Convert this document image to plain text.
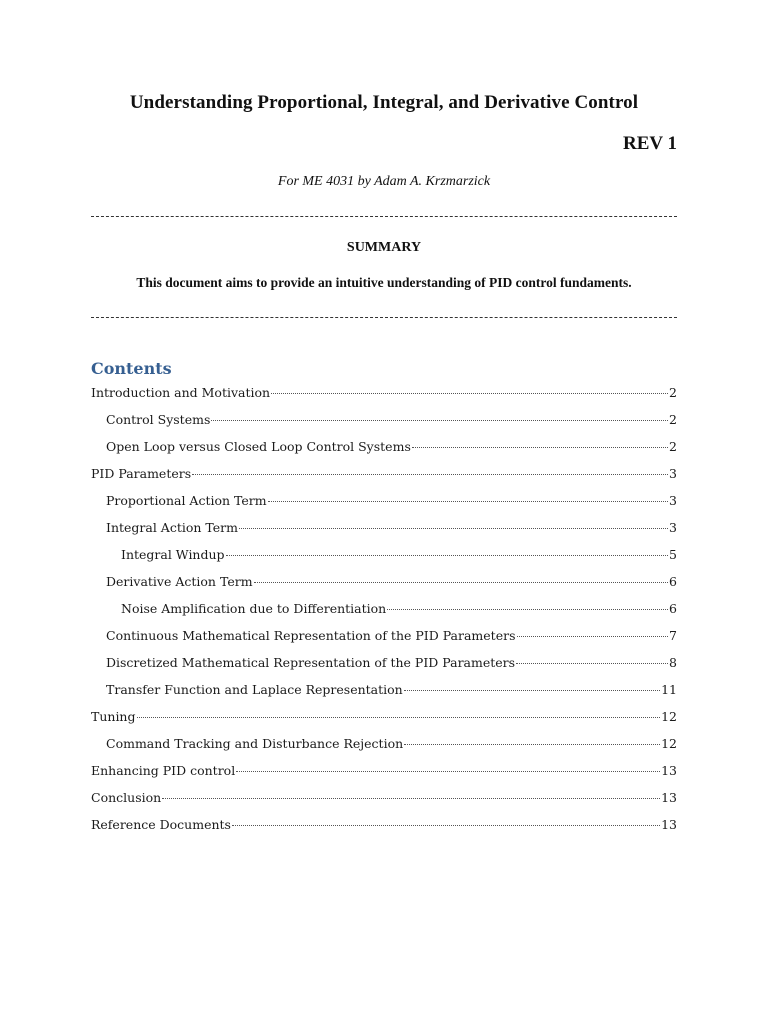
Understanding Proportional, Integral, and Derivative Control
REV 1
For ME 4031 by Adam A. Krzmarzick
SUMMARY
This document aims to provide an intuitive understanding of PID control fundaments.
Contents
Introduction and Motivation	2
Control Systems	2
Open Loop versus Closed Loop Control Systems	2
PID Parameters	3
Proportional Action Term	3
Integral Action Term	3
Integral Windup	5
Derivative Action Term	6
Noise Amplification due to Differentiation	6
Continuous Mathematical Representation of the PID Parameters	7
Discretized Mathematical Representation of the PID Parameters	8
Transfer Function and Laplace Representation	11
Tuning	12
Command Tracking and Disturbance Rejection	12
Enhancing PID control	13
Conclusion	13
Reference Documents	13
